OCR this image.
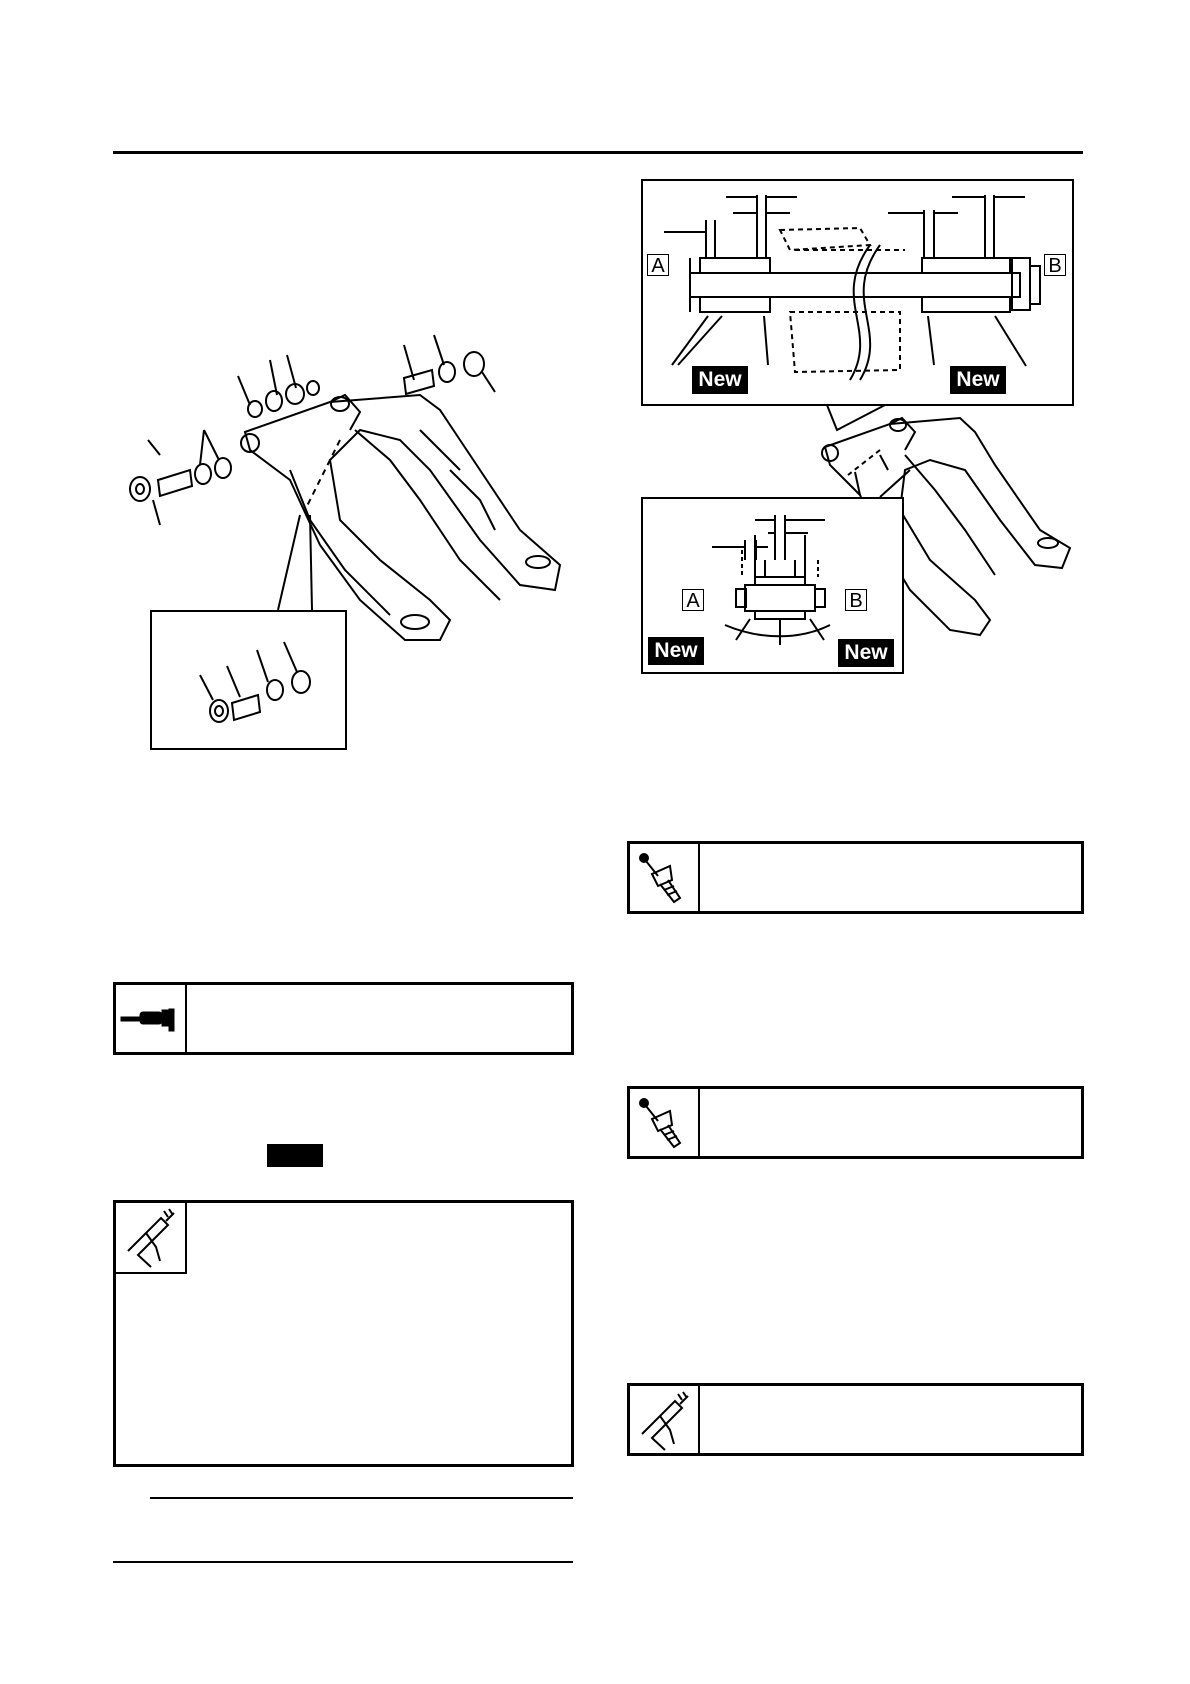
A	B
New	New
A	B
New	New
